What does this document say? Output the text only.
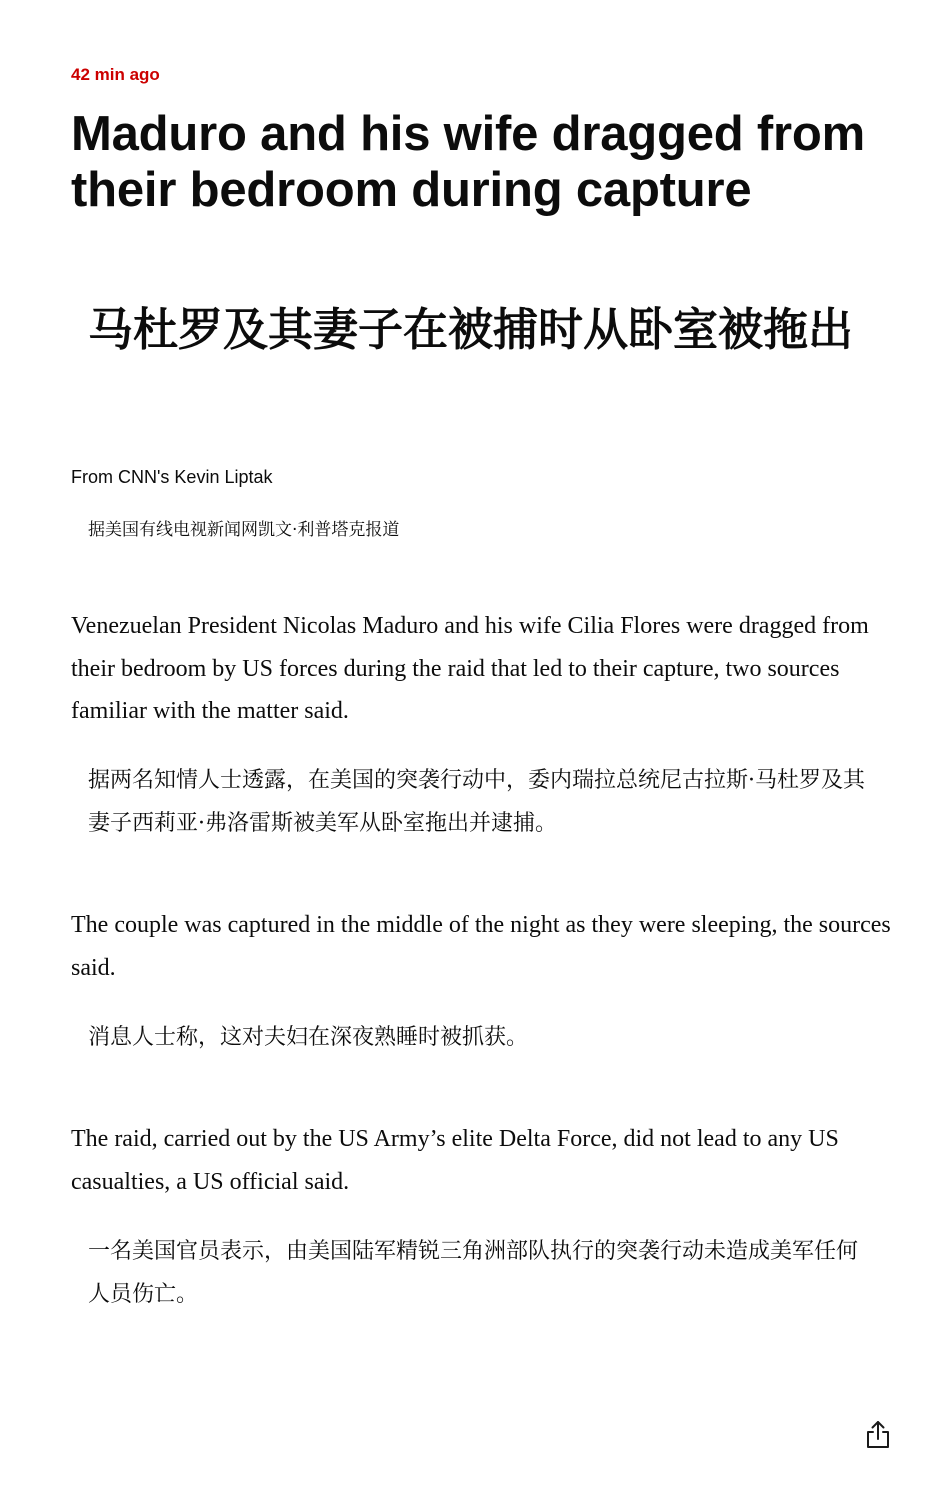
42 min ago

Maduro and his wife dragged from their bedroom during capture
马杜罗及其妻子在被捕时从卧室被拖出

From CNN's Kevin Liptak

据美国有线电视新闻网凯文·利普塔克报道

Venezuelan President Nicolas Maduro and his wife Cilia Flores were dragged from their bedroom by US forces during the raid that led to their capture, two sources familiar with the matter said.

据两名知情人士透露，在美国的突袭行动中，委内瑞拉总统尼古拉斯·马杜罗及其妻子西莉亚·弗洛雷斯被美军从卧室拖出并逮捕。

The couple was captured in the middle of the night as they were sleeping, the sources said.

消息人士称，这对夫妇在深夜熟睡时被抓获。

The raid, carried out by the US Army’s elite Delta Force, did not lead to any US casualties, a US official said.

一名美国官员表示，由美国陆军精锐三角洲部队执行的突袭行动未造成美军任何人员伤亡。
